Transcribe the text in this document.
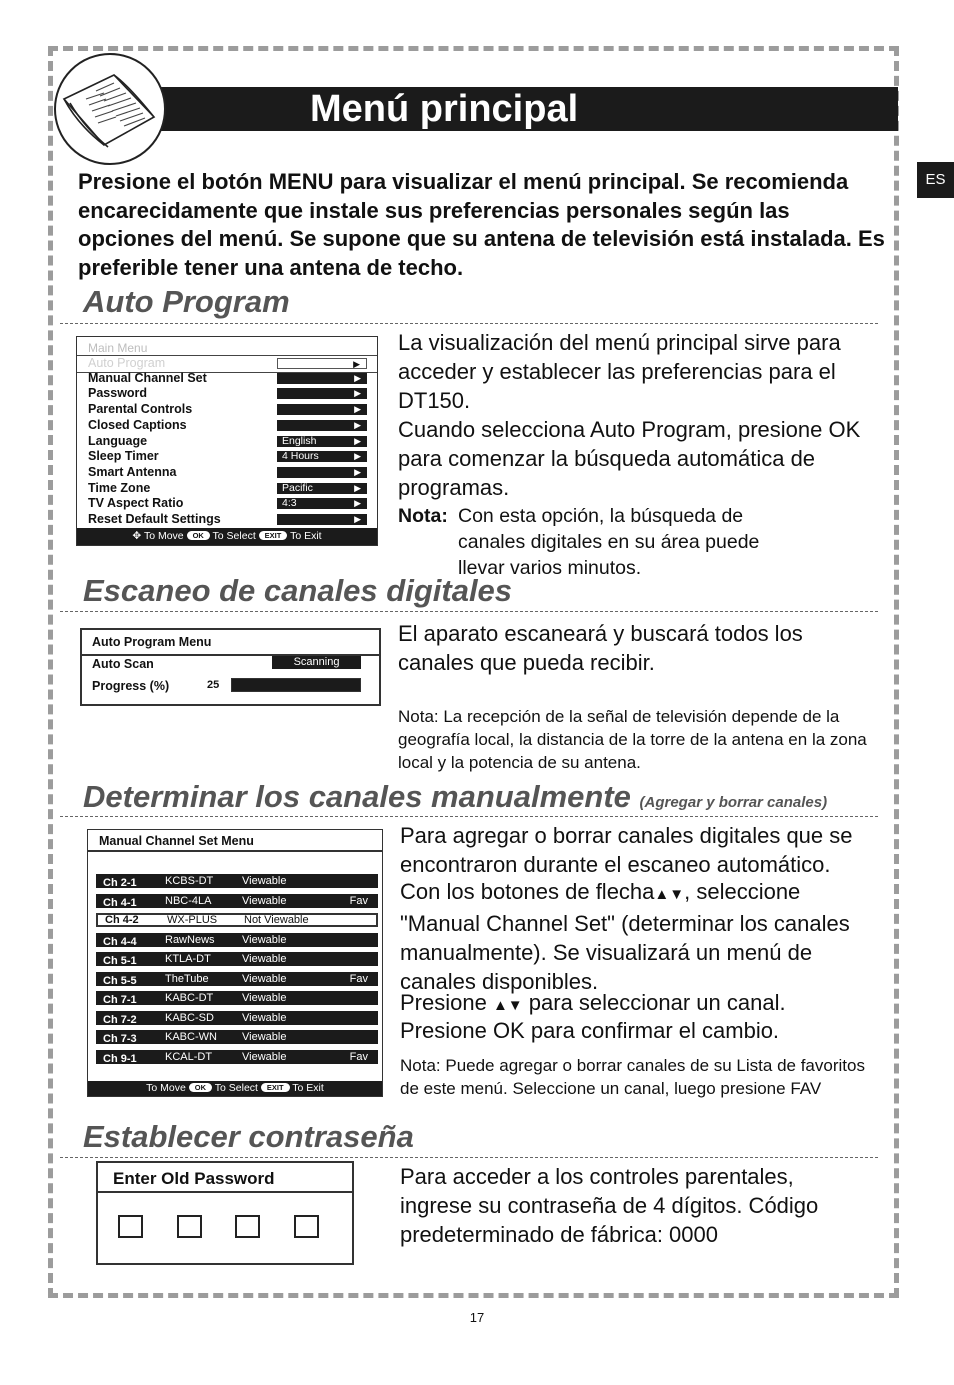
Menú principal
ES
Presione el botón MENU para visualizar el menú principal. Se recomienda encarecidamente que instale sus preferencias personales según las opciones del menú. Se supone que su antena de televisión está instalada. Es preferible tener una antena de techo.
Auto Program
Main Menu
Auto Program	▶
Manual Channel Set	▶
Password	▶
Parental Controls	▶
Closed Captions	▶
Language	English	▶
Sleep Timer	4 Hours	▶
Smart Antenna	▶
Time Zone	Pacific	▶
TV Aspect Ratio	4:3	▶
Reset Default Settings	▶
✥ To Move OK To Select EXIT To Exit
La visualización del menú principal sirve para acceder y establecer las preferencias para el DT150.
Cuando selecciona Auto Program, presione OK para comenzar la búsqueda automática de programas.
Nota: Con esta opción, la búsqueda de canales digitales en su área puede llevar varios minutos.
Escaneo de canales digitales
Auto Program Menu
Auto Scan	Scanning
Progress (%)	25
El aparato escaneará y buscará todos los canales que pueda recibir.
Nota: La recepción de la señal de televisión depende de la geografía local, la distancia de la torre de la antena en la zona local y la potencia de su antena.
Determinar los canales manualmente (Agregar y borrar canales)
Manual Channel Set Menu
Ch 2-1	KCBS-DT	Viewable
Ch 4-1	NBC-4LA	Viewable	Fav
Ch 4-2	WX-PLUS Not Viewable
Ch 4-4	RawNews Viewable
Ch 5-1	KTLA-DT	Viewable
Ch 5-5	TheTube	Viewable	Fav
Ch 7-1	KABC-DT	Viewable
Ch 7-2	KABC-SD	Viewable
Ch 7-3	KABC-WN Viewable
Ch 9-1	KCAL-DT	Viewable	Fav
To Move OK To Select EXIT To Exit
Para agregar o borrar canales digitales que se encontraron durante el escaneo automático.
Con los botones de flecha▲▼, seleccione "Manual Channel Set" (determinar los canales manualmente). Se visualizará un menú de canales disponibles.
Presione ▲▼ para seleccionar un canal.
Presione OK para confirmar el cambio.
Nota: Puede agregar o borrar canales de su Lista de favoritos de este menú. Seleccione un canal, luego presione FAV
Establecer contraseña
Enter Old Password	Para acceder a los controles parentales, ingrese su contraseña de 4 dígitos. Código predeterminado de fábrica: 0000
17
